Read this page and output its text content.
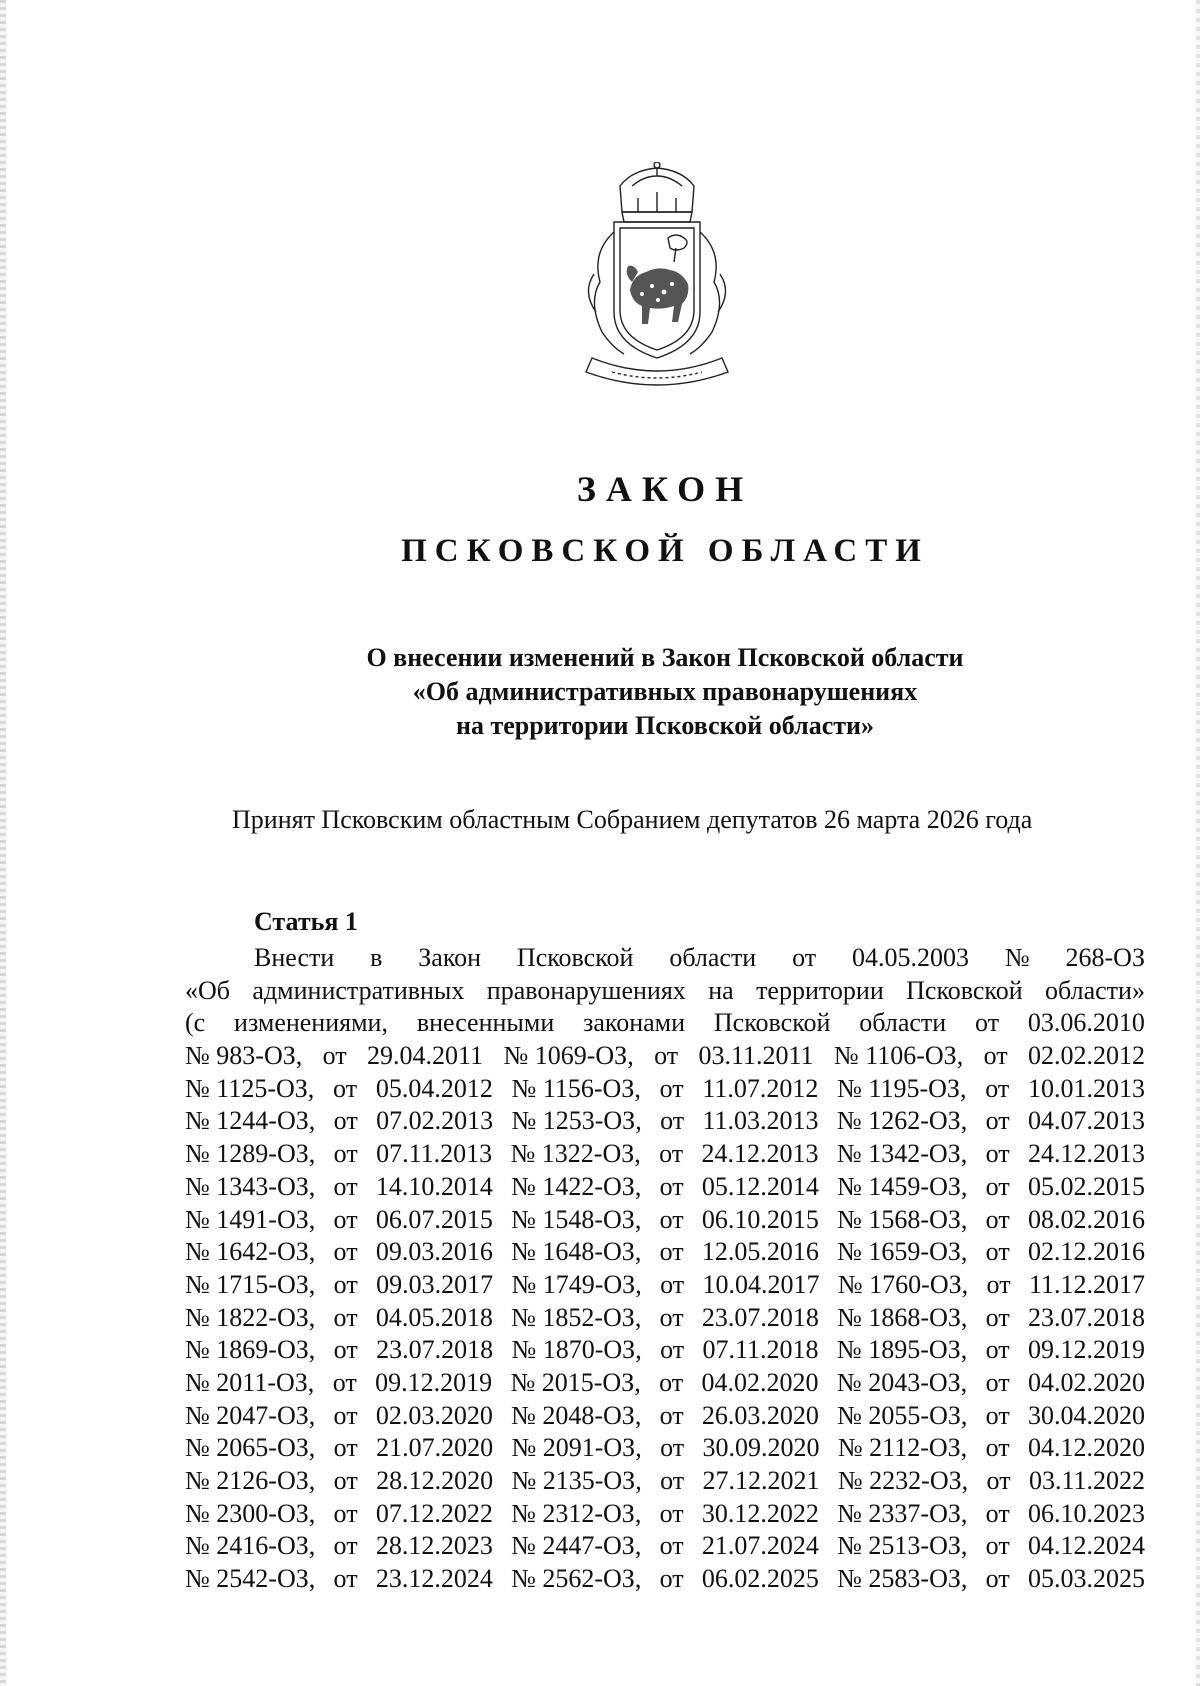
ЗАКОН
ПСКОВСКОЙ ОБЛАСТИ
О внесении изменений в Закон Псковской области
«Об административных правонарушениях
на территории Псковской области»
Принят Псковским областным Собранием депутатов 26 марта 2026 года
Статья 1
Внести в Закон Псковской области от 04.05.2003 № 268-ОЗ
«Об административных правонарушениях на территории Псковской области»
(с изменениями, внесенными законами Псковской области от 03.06.2010
№ 983-ОЗ, от 29.04.2011 № 1069-ОЗ, от 03.11.2011 № 1106-ОЗ, от 02.02.2012
№ 1125-ОЗ, от 05.04.2012 № 1156-ОЗ, от 11.07.2012 № 1195-ОЗ, от 10.01.2013
№ 1244-ОЗ, от 07.02.2013 № 1253-ОЗ, от 11.03.2013 № 1262-ОЗ, от 04.07.2013
№ 1289-ОЗ, от 07.11.2013 № 1322-ОЗ, от 24.12.2013 № 1342-ОЗ, от 24.12.2013
№ 1343-ОЗ, от 14.10.2014 № 1422-ОЗ, от 05.12.2014 № 1459-ОЗ, от 05.02.2015
№ 1491-ОЗ, от 06.07.2015 № 1548-ОЗ, от 06.10.2015 № 1568-ОЗ, от 08.02.2016
№ 1642-ОЗ, от 09.03.2016 № 1648-ОЗ, от 12.05.2016 № 1659-ОЗ, от 02.12.2016
№ 1715-ОЗ, от 09.03.2017 № 1749-ОЗ, от 10.04.2017 № 1760-ОЗ, от 11.12.2017
№ 1822-ОЗ, от 04.05.2018 № 1852-ОЗ, от 23.07.2018 № 1868-ОЗ, от 23.07.2018
№ 1869-ОЗ, от 23.07.2018 № 1870-ОЗ, от 07.11.2018 № 1895-ОЗ, от 09.12.2019
№ 2011-ОЗ, от 09.12.2019 № 2015-ОЗ, от 04.02.2020 № 2043-ОЗ, от 04.02.2020
№ 2047-ОЗ, от 02.03.2020 № 2048-ОЗ, от 26.03.2020 № 2055-ОЗ, от 30.04.2020
№ 2065-ОЗ, от 21.07.2020 № 2091-ОЗ, от 30.09.2020 № 2112-ОЗ, от 04.12.2020
№ 2126-ОЗ, от 28.12.2020 № 2135-ОЗ, от 27.12.2021 № 2232-ОЗ, от 03.11.2022
№ 2300-ОЗ, от 07.12.2022 № 2312-ОЗ, от 30.12.2022 № 2337-ОЗ, от 06.10.2023
№ 2416-ОЗ, от 28.12.2023 № 2447-ОЗ, от 21.07.2024 № 2513-ОЗ, от 04.12.2024
№ 2542-ОЗ, от 23.12.2024 № 2562-ОЗ, от 06.02.2025 № 2583-ОЗ, от 05.03.2025
